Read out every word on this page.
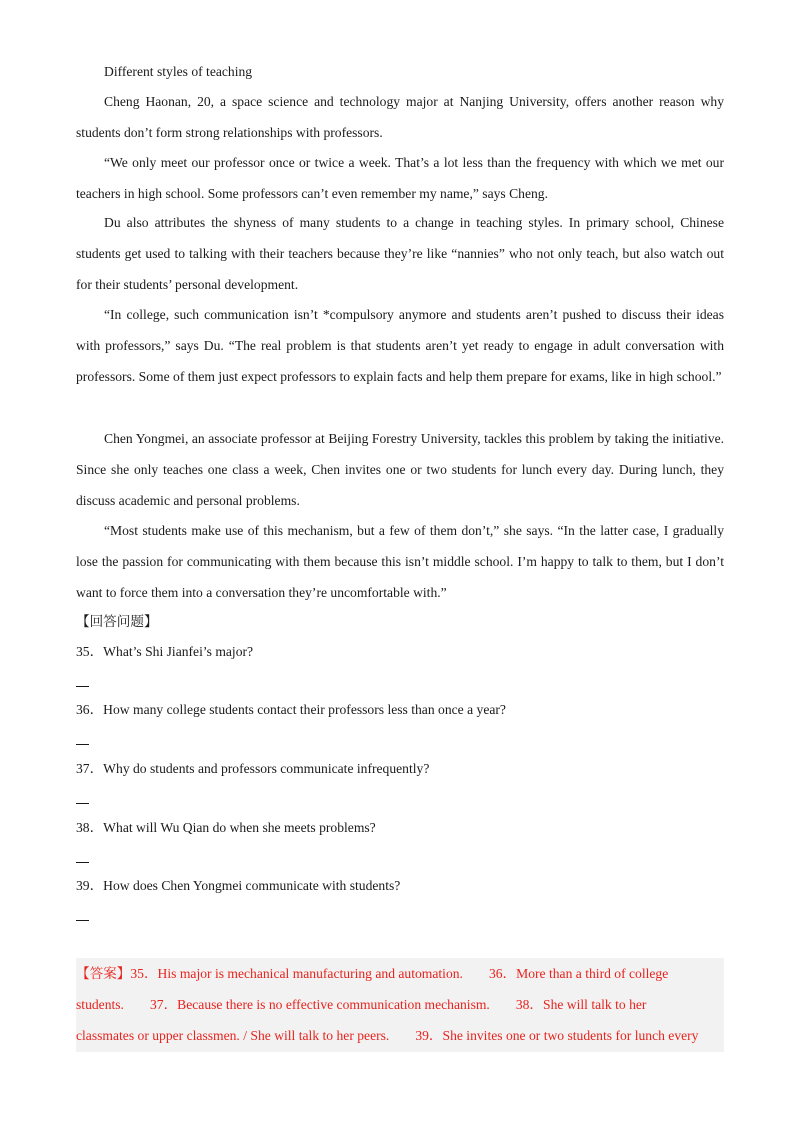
Different styles of teaching

Cheng Haonan, 20, a space science and technology major at Nanjing University, offers another reason why students don’t form strong relationships with professors.

“We only meet our professor once or twice a week. That’s a lot less than the frequency with which we met our teachers in high school. Some professors can’t even remember my name,” says Cheng.

Du also attributes the shyness of many students to a change in teaching styles. In primary school, Chinese students get used to talking with their teachers because they’re like “nannies” who not only teach, but also watch out for their students’ personal development.

“In college, such communication isn’t *compulsory anymore and students aren’t pushed to discuss their ideas with professors,” says Du. “The real problem is that students aren’t yet ready to engage in adult conversation with professors. Some of them just expect professors to explain facts and help them prepare for exams, like in high school.”

Chen Yongmei, an associate professor at Beijing Forestry University, tackles this problem by taking the initiative. Since she only teaches one class a week, Chen invites one or two students for lunch every day. During lunch, they discuss academic and personal problems.

“Most students make use of this mechanism, but a few of them don’t,” she says. “In the latter case, I gradually lose the passion for communicating with them because this isn’t middle school. I’m happy to talk to them, but I don’t want to force them into a conversation they’re uncomfortable with.”

【回答问题】

35．What’s Shi Jianfei’s major?

36．How many college students contact their professors less than once a year?

37．Why do students and professors communicate infrequently?

38．What will Wu Qian do when she meets problems?

39．How does Chen Yongmei communicate with students?

【答案】35．His major is mechanical manufacturing and automation. 36．More than a third of college
students. 37．Because there is no effective communication mechanism. 38．She will talk to her
classmates or upper classmen. / She will talk to her peers. 39．She invites one or two students for lunch every
